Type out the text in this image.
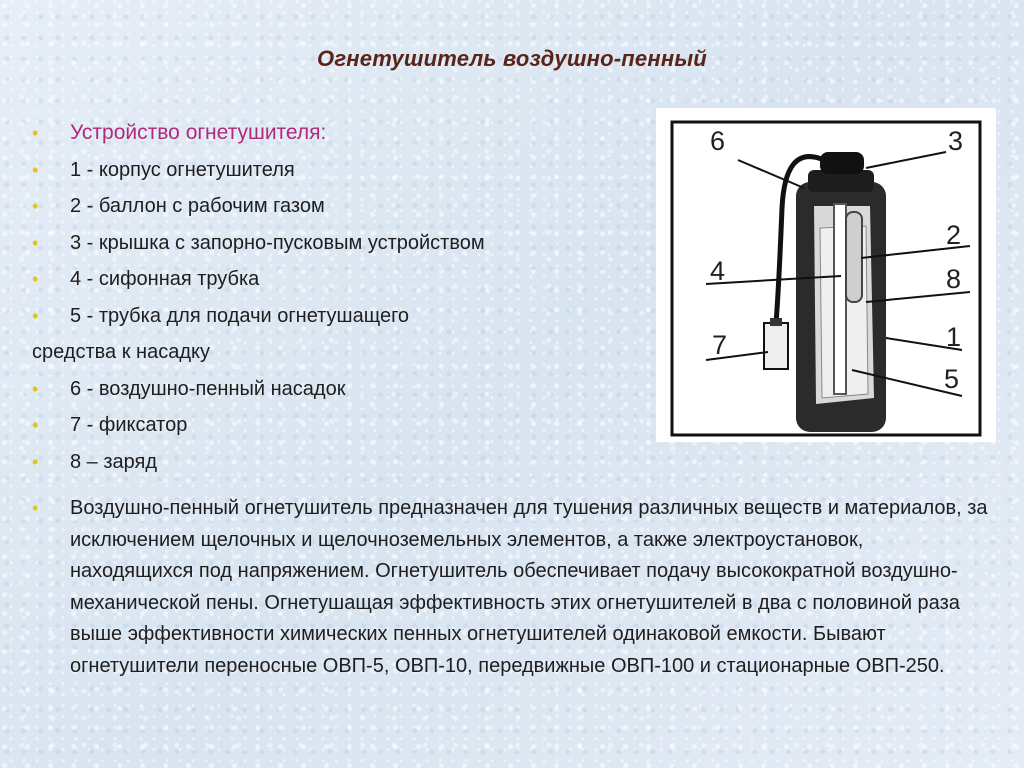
Огнетушитель воздушно-пенный
• Устройство огнетушителя:
• 1 - корпус огнетушителя
• 2 - баллон с рабочим газом
• 3 - крышка с запорно-пусковым устройством
• 4 - сифонная трубка
• 5 - трубка для подачи огнетушащего
средства к насадку
• 6 - воздушно-пенный насадок
• 7 - фиксатор
• 8 – заряд
•	Воздушно-пенный огнетушитель предназначен для тушения различных веществ и материалов, за исключением щелочных и щелочноземельных элементов, а также электроустановок, находящихся под напряжением. Огнетушитель обеспечивает подачу высокократной воздушно-механической пены. Огнетушащая эффективность этих огнетушителей в два с половиной раза выше эффективности химических пенных огнетушителей одинаковой емкости. Бывают огнетушители переносные ОВП-5, ОВП-10, передвижные ОВП-100 и стационарные ОВП-250.
6	3
2
4	8
7	1
5
